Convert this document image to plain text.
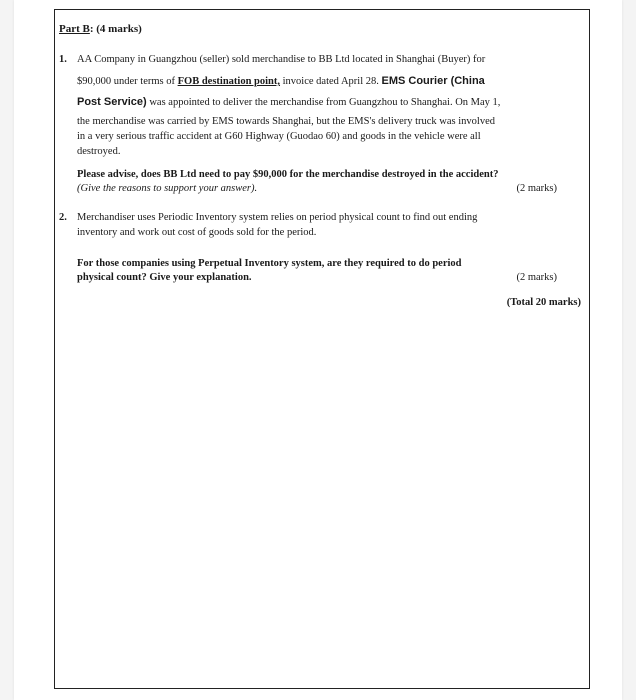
Part B: (4 marks)
1. AA Company in Guangzhou (seller) sold merchandise to BB Ltd located in Shanghai (Buyer) for
$90,000 under terms of FOB destination point, invoice dated April 28. EMS Courier (China
Post Service) was appointed to deliver the merchandise from Guangzhou to Shanghai. On May 1,
the merchandise was carried by EMS towards Shanghai, but the EMS's delivery truck was involved
in a very serious traffic accident at G60 Highway (Guodao 60) and goods in the vehicle were all
destroyed.
Please advise, does BB Ltd need to pay $90,000 for the merchandise destroyed in the accident?
(Give the reasons to support your answer).	(2 marks)
2. Merchandiser uses Periodic Inventory system relies on period physical count to find out ending
inventory and work out cost of goods sold for the period.
For those companies using Perpetual Inventory system, are they required to do period
physical count? Give your explanation.	(2 marks)
(Total 20 marks)
